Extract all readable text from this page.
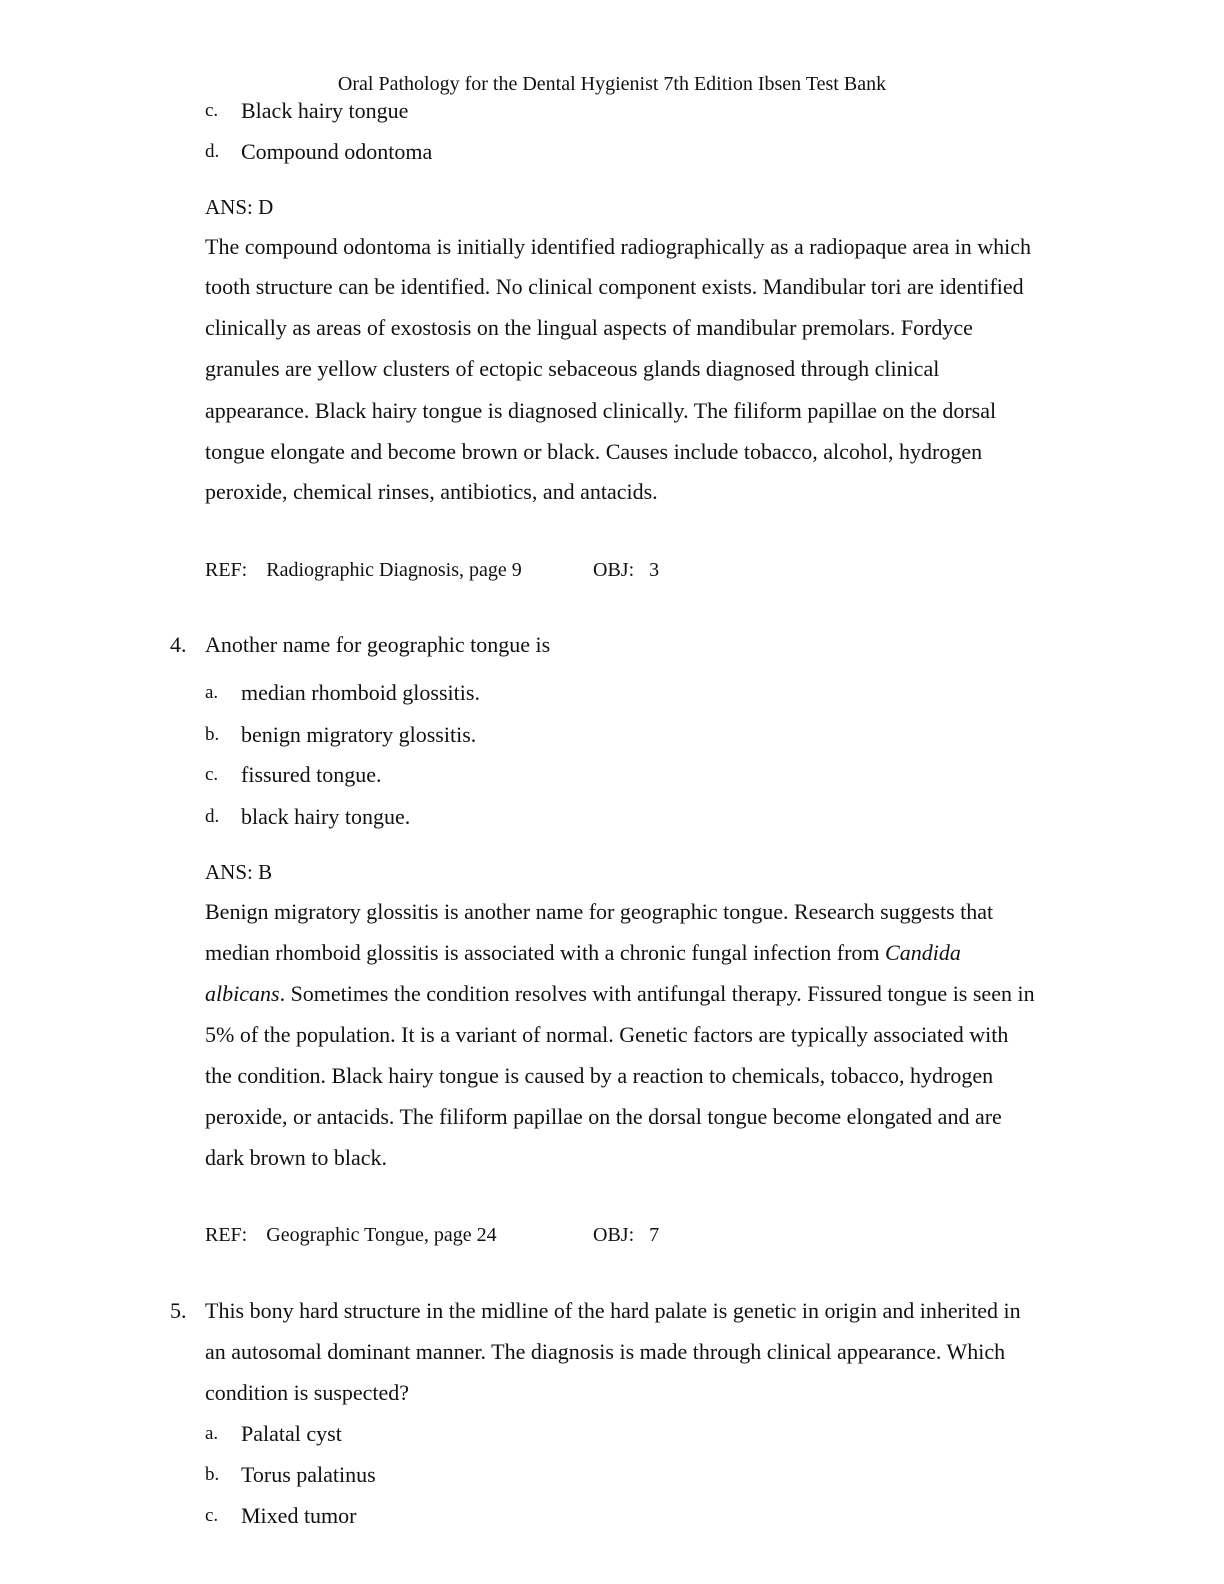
Oral Pathology for the Dental Hygienist 7th Edition Ibsen Test Bank
c. Black hairy tongue
d. Compound odontoma
ANS: D
The compound odontoma is initially identified radiographically as a radiopaque area in which
tooth structure can be identified. No clinical component exists. Mandibular tori are identified
clinically as areas of exostosis on the lingual aspects of mandibular premolars. Fordyce
granules are yellow clusters of ectopic sebaceous glands diagnosed through clinical
appearance. Black hairy tongue is diagnosed clinically. The filiform papillae on the dorsal
tongue elongate and become brown or black. Causes include tobacco, alcohol, hydrogen
peroxide, chemical rinses, antibiotics, and antacids.
REF: Radiographic Diagnosis, page 9	OBJ: 3
4. Another name for geographic tongue is
a. median rhomboid glossitis.
b. benign migratory glossitis.
c. fissured tongue.
d. black hairy tongue.
ANS: B
Benign migratory glossitis is another name for geographic tongue. Research suggests that
median rhomboid glossitis is associated with a chronic fungal infection from Candida
albicans. Sometimes the condition resolves with antifungal therapy. Fissured tongue is seen in
5% of the population. It is a variant of normal. Genetic factors are typically associated with
the condition. Black hairy tongue is caused by a reaction to chemicals, tobacco, hydrogen
peroxide, or antacids. The filiform papillae on the dorsal tongue become elongated and are
dark brown to black.
REF: Geographic Tongue, page 24	OBJ: 7
5. This bony hard structure in the midline of the hard palate is genetic in origin and inherited in
an autosomal dominant manner. The diagnosis is made through clinical appearance. Which
condition is suspected?
a. Palatal cyst
b. Torus palatinus
c. Mixed tumor
